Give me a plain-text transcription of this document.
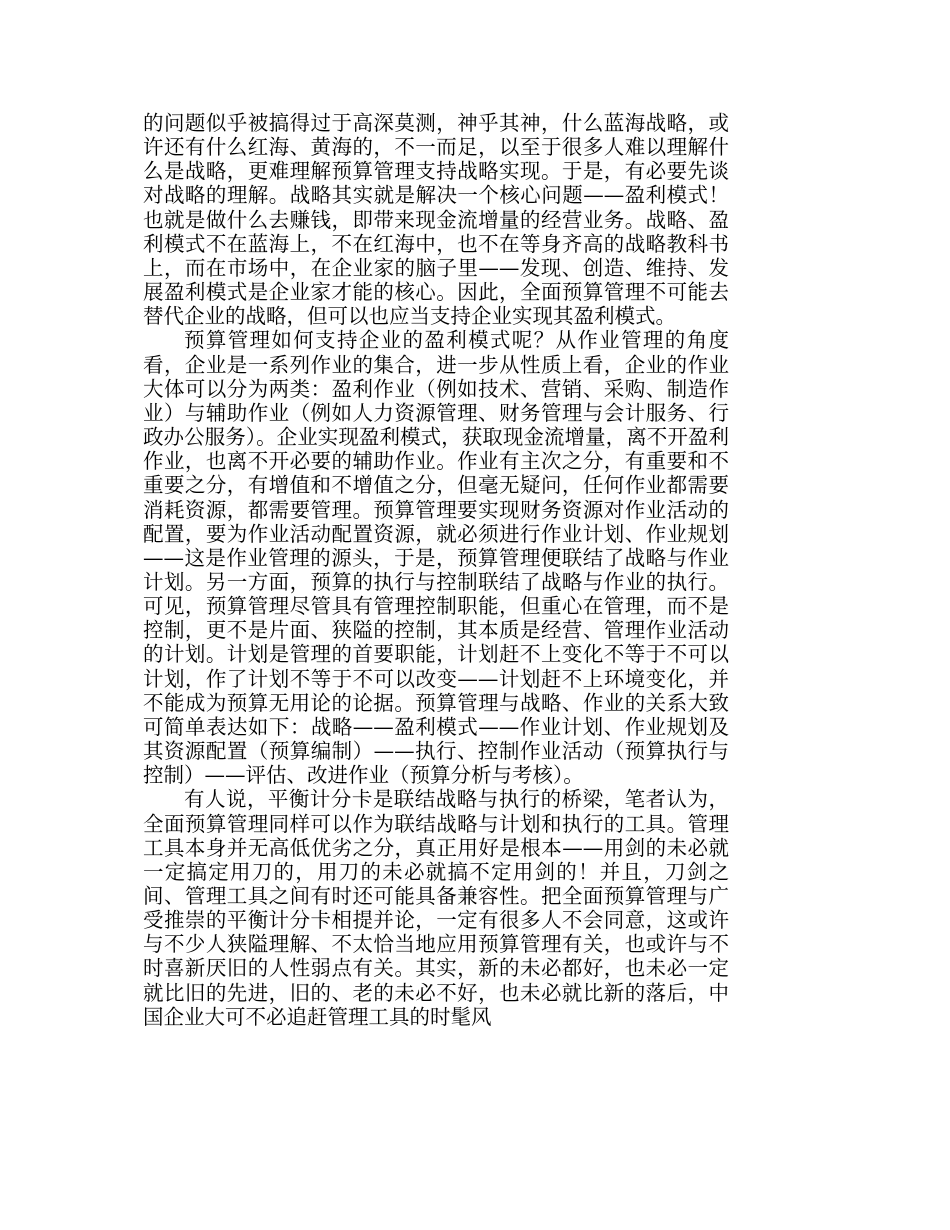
的问题似乎被搞得过于高深莫测，神乎其神，什么蓝海战略，或许还有什么红海、黄海的，不一而足，以至于很多人难以理解什么是战略，更难理解预算管理支持战略实现。于是，有必要先谈对战略的理解。战略其实就是解决一个核心问题——盈利模式！也就是做什么去赚钱，即带来现金流增量的经营业务。战略、盈利模式不在蓝海上，不在红海中，也不在等身齐高的战略教科书上，而在市场中，在企业家的脑子里——发现、创造、维持、发展盈利模式是企业家才能的核心。因此，全面预算管理不可能去替代企业的战略，但可以也应当支持企业实现其盈利模式。

预算管理如何支持企业的盈利模式呢？从作业管理的角度看，企业是一系列作业的集合，进一步从性质上看，企业的作业大体可以分为两类：盈利作业（例如技术、营销、采购、制造作业）与辅助作业（例如人力资源管理、财务管理与会计服务、行政办公服务）。企业实现盈利模式，获取现金流增量，离不开盈利作业，也离不开必要的辅助作业。作业有主次之分，有重要和不重要之分，有增值和不增值之分，但毫无疑问，任何作业都需要消耗资源，都需要管理。预算管理要实现财务资源对作业活动的配置，要为作业活动配置资源，就必须进行作业计划、作业规划——这是作业管理的源头，于是，预算管理便联结了战略与作业计划。另一方面，预算的执行与控制联结了战略与作业的执行。可见，预算管理尽管具有管理控制职能，但重心在管理，而不是控制，更不是片面、狭隘的控制，其本质是经营、管理作业活动的计划。计划是管理的首要职能，计划赶不上变化不等于不可以计划，作了计划不等于不可以改变——计划赶不上环境变化，并不能成为预算无用论的论据。预算管理与战略、作业的关系大致可简单表达如下：战略——盈利模式——作业计划、作业规划及其资源配置（预算编制）——执行、控制作业活动（预算执行与控制）——评估、改进作业（预算分析与考核）。

有人说，平衡计分卡是联结战略与执行的桥梁，笔者认为，全面预算管理同样可以作为联结战略与计划和执行的工具。管理工具本身并无高低优劣之分，真正用好是根本——用剑的未必就一定搞定用刀的，用刀的未必就搞不定用剑的！并且，刀剑之间、管理工具之间有时还可能具备兼容性。把全面预算管理与广受推崇的平衡计分卡相提并论，一定有很多人不会同意，这或许与不少人狭隘理解、不太恰当地应用预算管理有关，也或许与不时喜新厌旧的人性弱点有关。其实，新的未必都好，也未必一定就比旧的先进，旧的、老的未必不好，也未必就比新的落后，中国企业大可不必追赶管理工具的时髦风
